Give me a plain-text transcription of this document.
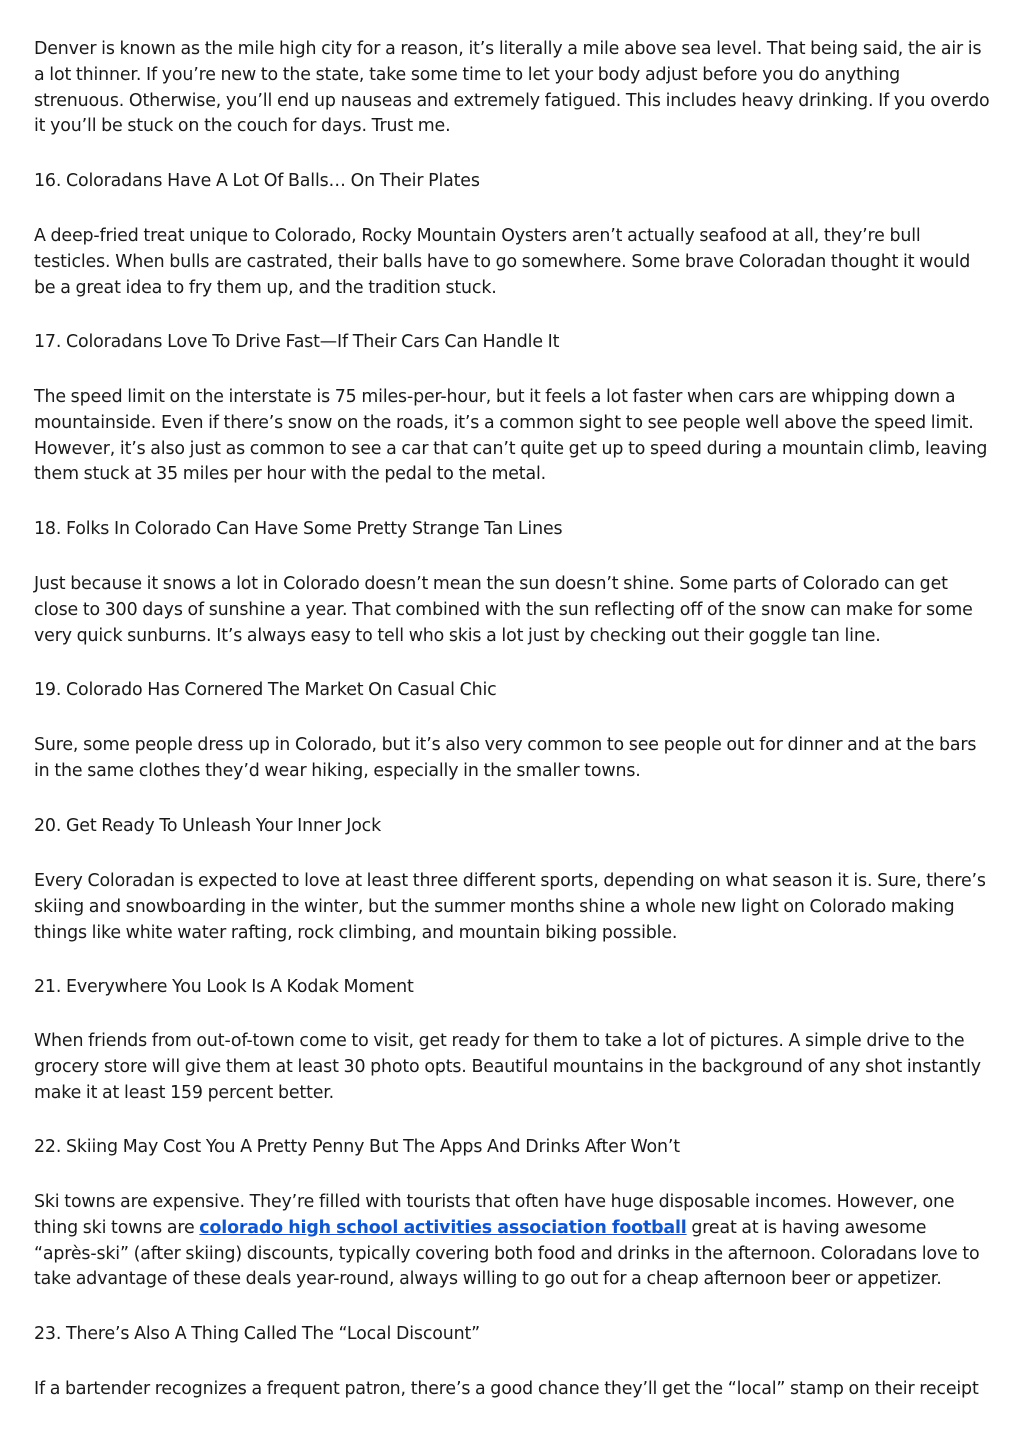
Denver is known as the mile high city for a reason, it’s literally a mile above sea level. That being said, the air is a lot thinner. If you’re new to the state, take some time to let your body adjust before you do anything strenuous. Otherwise, you’ll end up nauseas and extremely fatigued. This includes heavy drinking. If you overdo it you’ll be stuck on the couch for days. Trust me.

16. Coloradans Have A Lot Of Balls… On Their Plates

A deep-fried treat unique to Colorado, Rocky Mountain Oysters aren’t actually seafood at all, they’re bull testicles. When bulls are castrated, their balls have to go somewhere. Some brave Coloradan thought it would be a great idea to fry them up, and the tradition stuck.

17. Coloradans Love To Drive Fast—If Their Cars Can Handle It

The speed limit on the interstate is 75 miles-per-hour, but it feels a lot faster when cars are whipping down a mountainside. Even if there’s snow on the roads, it’s a common sight to see people well above the speed limit. However, it’s also just as common to see a car that can’t quite get up to speed during a mountain climb, leaving them stuck at 35 miles per hour with the pedal to the metal.

18. Folks In Colorado Can Have Some Pretty Strange Tan Lines

Just because it snows a lot in Colorado doesn’t mean the sun doesn’t shine. Some parts of Colorado can get close to 300 days of sunshine a year. That combined with the sun reflecting off of the snow can make for some very quick sunburns. It’s always easy to tell who skis a lot just by checking out their goggle tan line.

19. Colorado Has Cornered The Market On Casual Chic

Sure, some people dress up in Colorado, but it’s also very common to see people out for dinner and at the bars in the same clothes they’d wear hiking, especially in the smaller towns.

20. Get Ready To Unleash Your Inner Jock

Every Coloradan is expected to love at least three different sports, depending on what season it is. Sure, there’s skiing and snowboarding in the winter, but the summer months shine a whole new light on Colorado making things like white water rafting, rock climbing, and mountain biking possible.

21. Everywhere You Look Is A Kodak Moment

When friends from out-of-town come to visit, get ready for them to take a lot of pictures. A simple drive to the grocery store will give them at least 30 photo opts. Beautiful mountains in the background of any shot instantly make it at least 159 percent better.

22. Skiing May Cost You A Pretty Penny But The Apps And Drinks After Won’t

Ski towns are expensive. They’re filled with tourists that often have huge disposable incomes. However, one thing ski towns are colorado high school activities association football great at is having awesome “après-ski” (after skiing) discounts, typically covering both food and drinks in the afternoon. Coloradans love to take advantage of these deals year-round, always willing to go out for a cheap afternoon beer or appetizer.

23. There’s Also A Thing Called The “Local Discount”

If a bartender recognizes a frequent patron, there’s a good chance they’ll get the “local” stamp on their receipt
